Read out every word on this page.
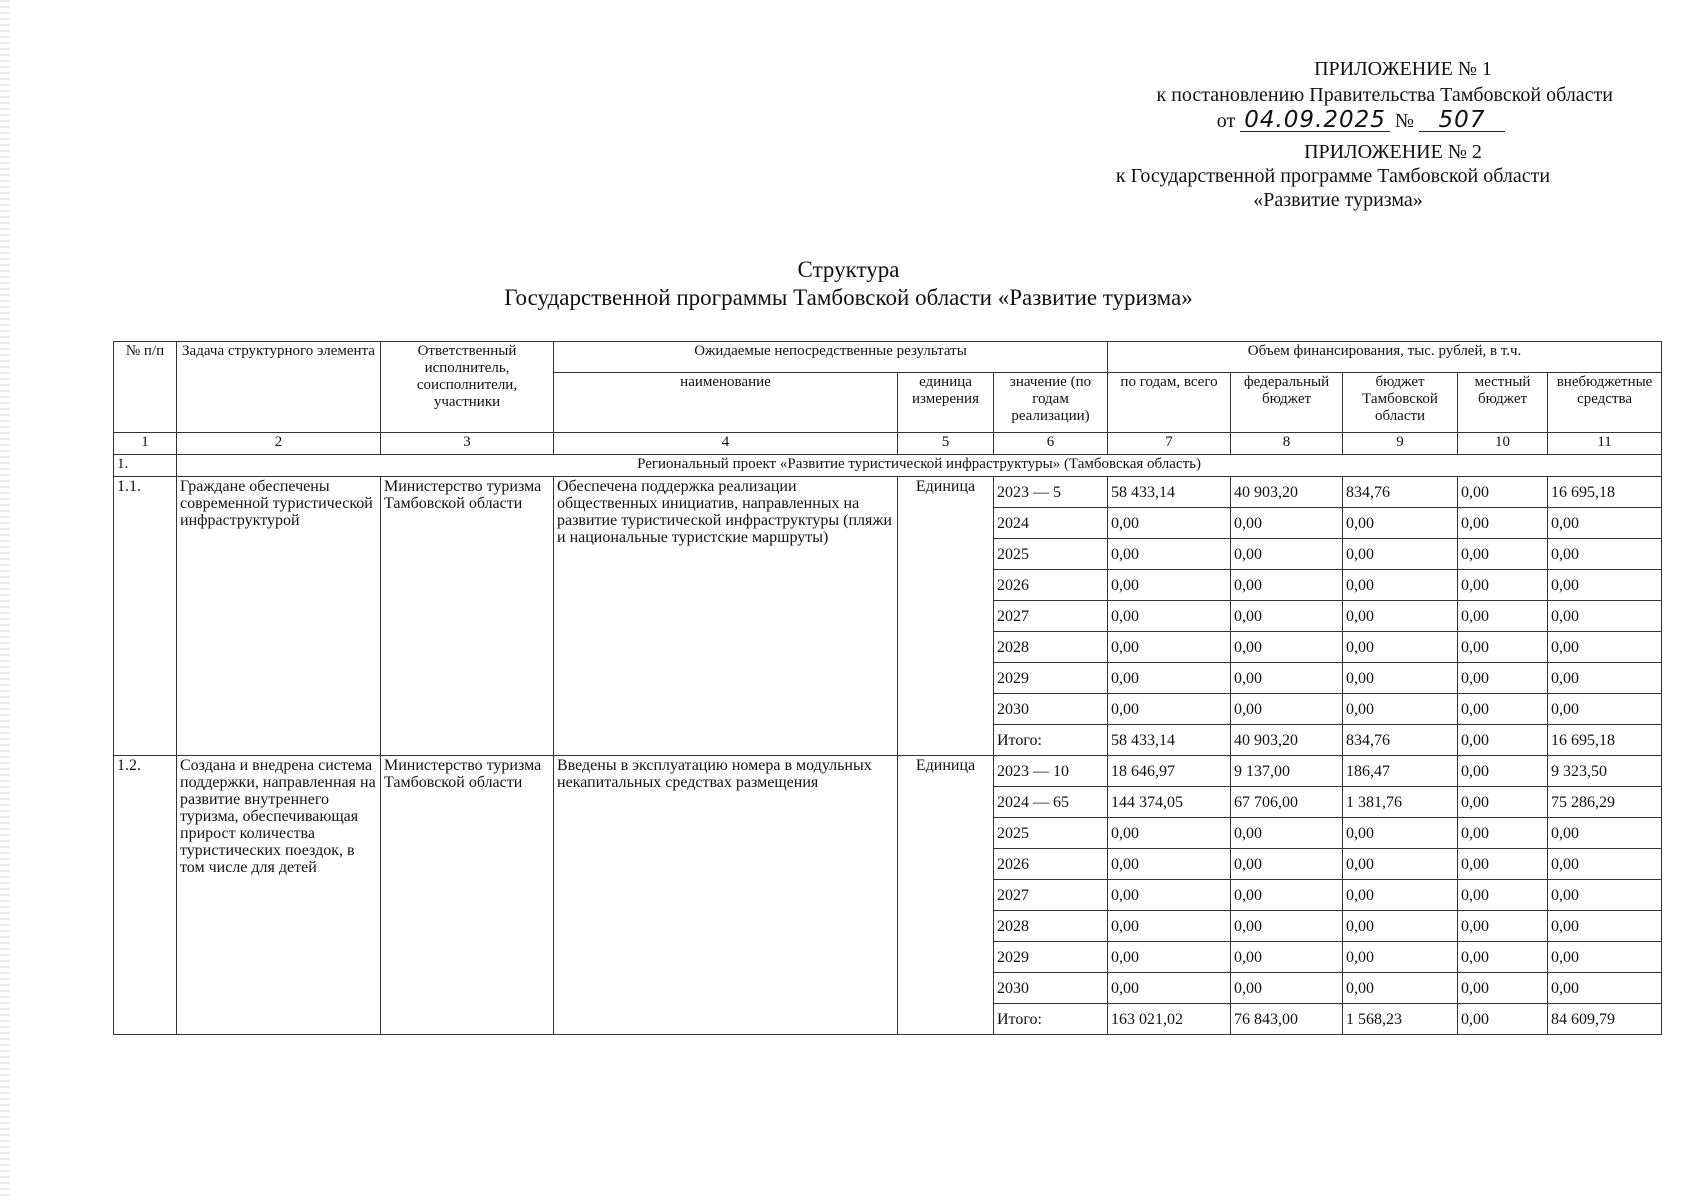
ПРИЛОЖЕНИЕ № 1
к постановлению Правительства Тамбовской области
от 04.09.2025 № 507
ПРИЛОЖЕНИЕ № 2
к Государственной программе Тамбовской области
«Развитие туризма»
Структура
Государственной программы Тамбовской области «Развитие туризма»
№ п/п	Задача структурного элемента	Ответственный исполнитель, соисполнители, участники	Ожидаемые непосредственные результаты			Объем финансирования, тыс. рублей, в т.ч.				
			наименование	единица измерения	значение (по годам реализации)	по годам, всего	федеральный бюджет	бюджет Тамбовской области	местный бюджет	внебюджетные средства
1	2	3	4	5	6	7	8	9	10	11
1.	Региональный проект «Развитие туристической инфраструктуры» (Тамбовская область)									
1.1.	Граждане обеспечены современной туристической инфраструктурой	Министерство туризма Тамбовской области	Обеспечена поддержка реализации общественных инициатив, направленных на развитие туристической инфраструктуры (пляжи и национальные туристские маршруты)	Единица	2023 — 5	58 433,14	40 903,20	834,76	0,00	16 695,18
					2024	0,00	0,00	0,00	0,00	0,00
					2025	0,00	0,00	0,00	0,00	0,00
					2026	0,00	0,00	0,00	0,00	0,00
					2027	0,00	0,00	0,00	0,00	0,00
					2028	0,00	0,00	0,00	0,00	0,00
					2029	0,00	0,00	0,00	0,00	0,00
					2030	0,00	0,00	0,00	0,00	0,00
					Итого:	58 433,14	40 903,20	834,76	0,00	16 695,18
1.2.	Создана и внедрена система поддержки, направленная на развитие внутреннего туризма, обеспечивающая прирост количества туристических поездок, в том числе для детей	Министерство туризма Тамбовской области	Введены в эксплуатацию номера в модульных некапитальных средствах размещения	Единица	2023 — 10	18 646,97	9 137,00	186,47	0,00	9 323,50
					2024 — 65	144 374,05	67 706,00	1 381,76	0,00	75 286,29
					2025	0,00	0,00	0,00	0,00	0,00
					2026	0,00	0,00	0,00	0,00	0,00
					2027	0,00	0,00	0,00	0,00	0,00
					2028	0,00	0,00	0,00	0,00	0,00
					2029	0,00	0,00	0,00	0,00	0,00
					2030	0,00	0,00	0,00	0,00	0,00
					Итого:	163 021,02	76 843,00	1 568,23	0,00	84 609,79
